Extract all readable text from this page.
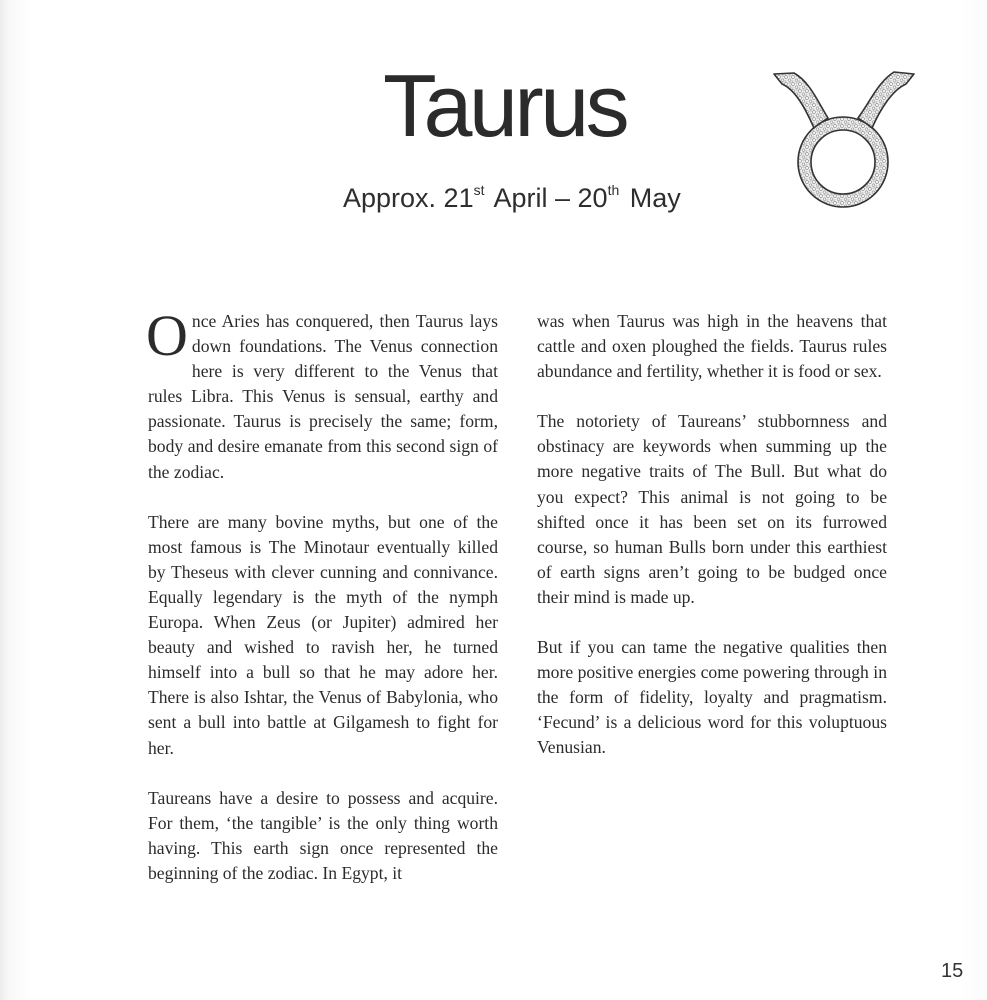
Taurus
Approx. 21st April – 20th May

Once Aries has conquered, then Taurus lays down foundations. The Venus connection here is very different to the Venus that rules Libra. This Venus is sensual, earthy and passionate. Taurus is precisely the same; form, body and desire emanate from this second sign of the zodiac.

There are many bovine myths, but one of the most famous is The Minotaur eventually killed by Theseus with clever cunning and connivance. Equally legendary is the myth of the nymph Europa. When Zeus (or Jupiter) admired her beauty and wished to ravish her, he turned himself into a bull so that he may adore her. There is also Ishtar, the Venus of Babylonia, who sent a bull into battle at Gilgamesh to fight for her.

Taureans have a desire to possess and acquire. For them, ‘the tangible’ is the only thing worth having. This earth sign once represented the beginning of the zodiac. In Egypt, it

was when Taurus was high in the heavens that cattle and oxen ploughed the fields. Taurus rules abundance and fertility, whether it is food or sex.

The notoriety of Taureans’ stubbornness and obstinacy are keywords when summing up the more negative traits of The Bull. But what do you expect? This animal is not going to be shifted once it has been set on its furrowed course, so human Bulls born under this earthiest of earth signs aren’t going to be budged once their mind is made up.

But if you can tame the negative qualities then more positive energies come powering through in the form of fidelity, loyalty and pragmatism. ‘Fecund’ is a delicious word for this voluptuous Venusian.

15
